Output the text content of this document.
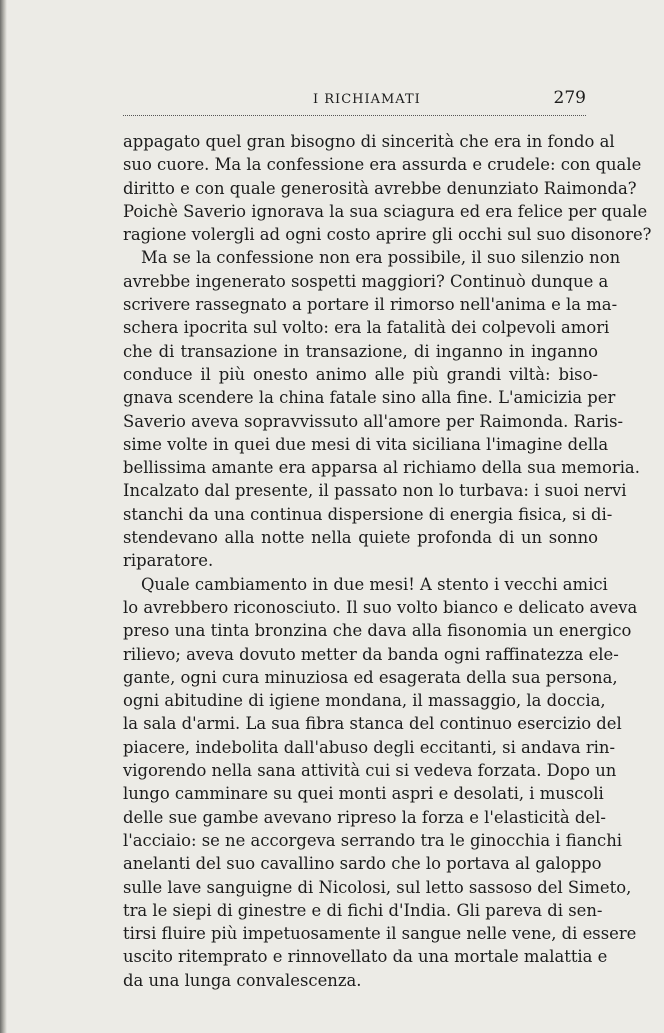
I RICHIAMATI	279
appagato quel gran bisogno di sincerità che era in fondo al
suo cuore. Ma la confessione era assurda e crudele: con quale
diritto e con quale generosità avrebbe denunziato Raimonda?
Poichè Saverio ignorava la sua sciagura ed era felice per quale
ragione volergli ad ogni costo aprire gli occhi sul suo disonore?
Ma se la confessione non era possibile, il suo silenzio non
avrebbe ingenerato sospetti maggiori? Continuò dunque a
scrivere rassegnato a portare il rimorso nell'anima e la ma-
schera ipocrita sul volto: era la fatalità dei colpevoli amori
che di transazione in transazione, di inganno in inganno
conduce il più onesto animo alle più grandi viltà: biso-
gnava scendere la china fatale sino alla fine. L'amicizia per
Saverio aveva sopravvissuto all'amore per Raimonda. Raris-
sime volte in quei due mesi di vita siciliana l'imagine della
bellissima amante era apparsa al richiamo della sua memoria.
Incalzato dal presente, il passato non lo turbava: i suoi nervi
stanchi da una continua dispersione di energia fisica, si di-
stendevano alla notte nella quiete profonda di un sonno
riparatore.
Quale cambiamento in due mesi! A stento i vecchi amici
lo avrebbero riconosciuto. Il suo volto bianco e delicato aveva
preso una tinta bronzina che dava alla fisonomia un energico
rilievo; aveva dovuto metter da banda ogni raffinatezza ele-
gante, ogni cura minuziosa ed esagerata della sua persona,
ogni abitudine di igiene mondana, il massaggio, la doccia,
la sala d'armi. La sua fibra stanca del continuo esercizio del
piacere, indebolita dall'abuso degli eccitanti, si andava rin-
vigorendo nella sana attività cui si vedeva forzata. Dopo un
lungo camminare su quei monti aspri e desolati, i muscoli
delle sue gambe avevano ripreso la forza e l'elasticità del-
l'acciaio: se ne accorgeva serrando tra le ginocchia i fianchi
anelanti del suo cavallino sardo che lo portava al galoppo
sulle lave sanguigne di Nicolosi, sul letto sassoso del Simeto,
tra le siepi di ginestre e di fichi d'India. Gli pareva di sen-
tirsi fluire più impetuosamente il sangue nelle vene, di essere
uscito ritemprato e rinnovellato da una mortale malattia e
da una lunga convalescenza.
